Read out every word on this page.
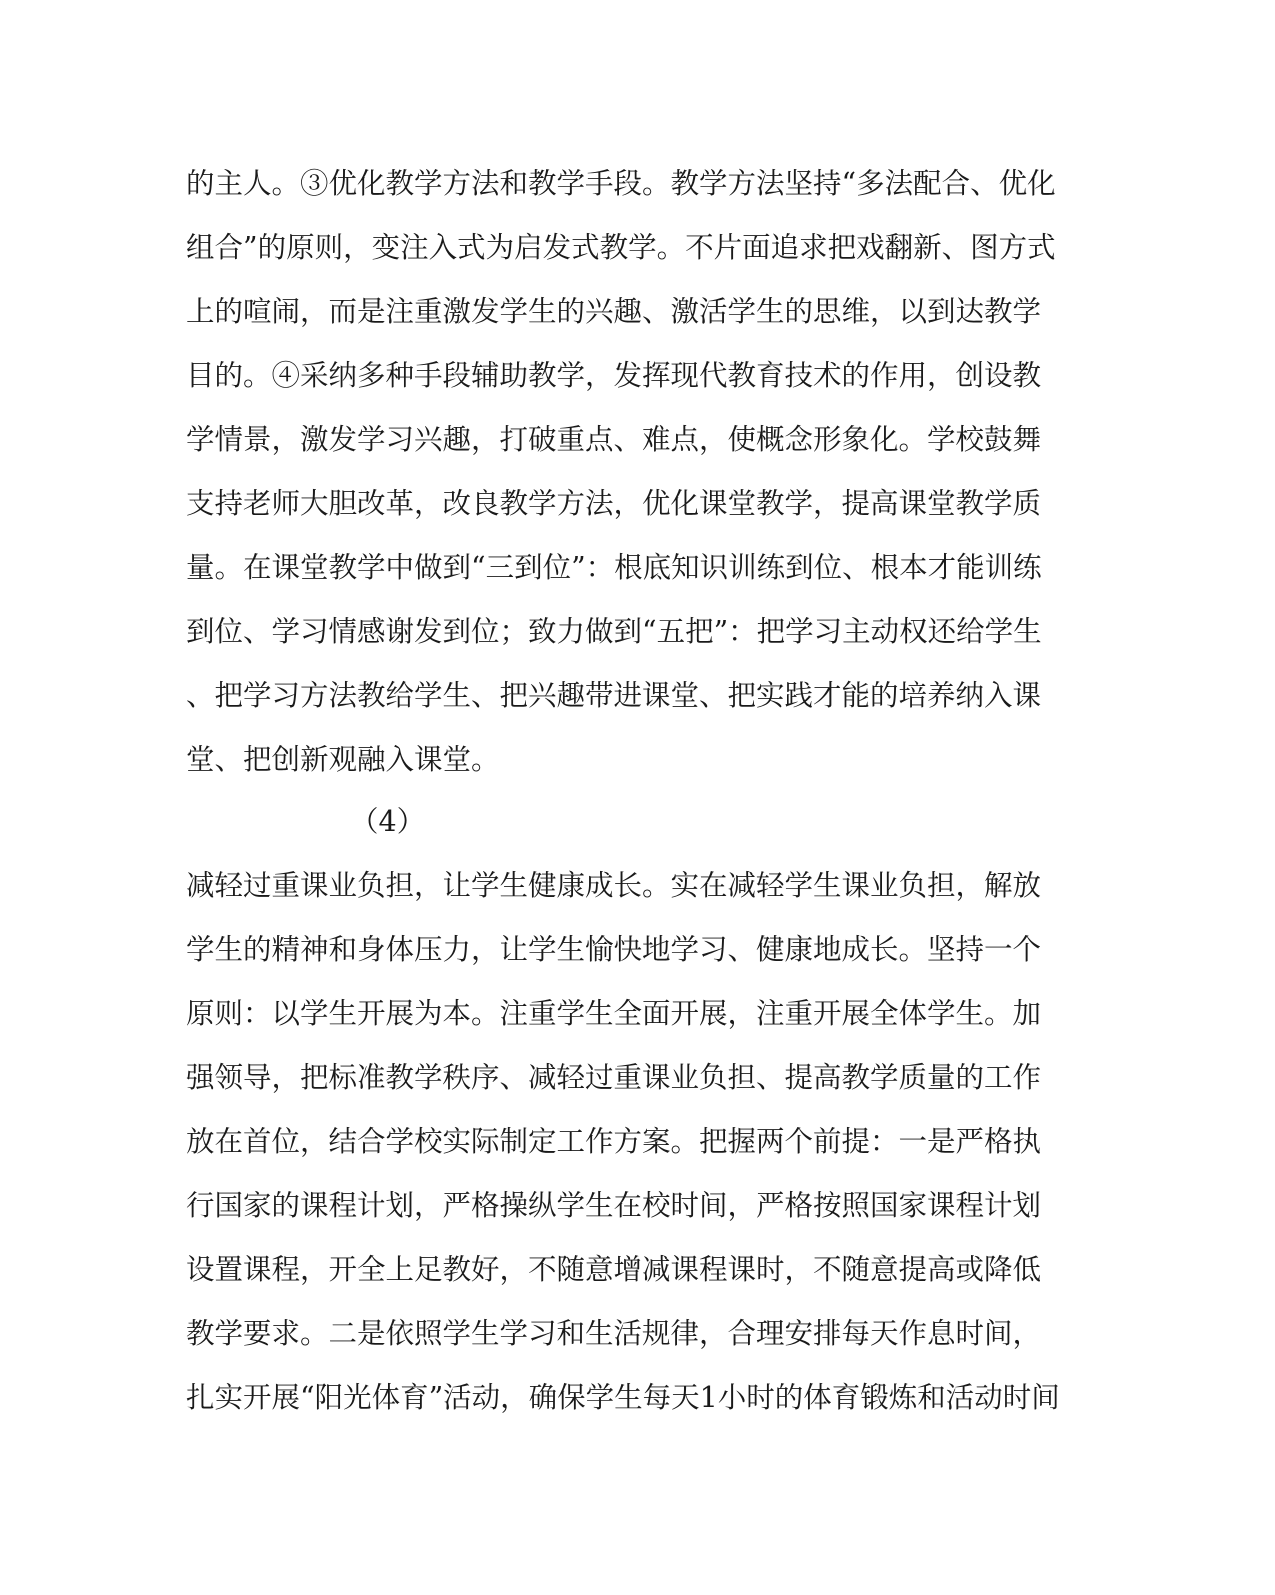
的主人。③优化教学方法和教学手段。教学方法坚持“多法配合、优化
组合”的原则，变注入式为启发式教学。不片面追求把戏翻新、图方式
上的喧闹，而是注重激发学生的兴趣、激活学生的思维，以到达教学
目的。④采纳多种手段辅助教学，发挥现代教育技术的作用，创设教
学情景，激发学习兴趣，打破重点、难点，使概念形象化。学校鼓舞
支持老师大胆改革，改良教学方法，优化课堂教学，提高课堂教学质
量。在课堂教学中做到“三到位”：根底知识训练到位、根本才能训练
到位、学习情感谢发到位；致力做到“五把”：把学习主动权还给学生
、把学习方法教给学生、把兴趣带进课堂、把实践才能的培养纳入课
堂、把创新观融入课堂。
（4）
减轻过重课业负担，让学生健康成长。实在减轻学生课业负担，解放
学生的精神和身体压力，让学生愉快地学习、健康地成长。坚持一个
原则：以学生开展为本。注重学生全面开展，注重开展全体学生。加
强领导，把标准教学秩序、减轻过重课业负担、提高教学质量的工作
放在首位，结合学校实际制定工作方案。把握两个前提：一是严格执
行国家的课程计划，严格操纵学生在校时间，严格按照国家课程计划
设置课程，开全上足教好，不随意增减课程课时，不随意提高或降低
教学要求。二是依照学生学习和生活规律，合理安排每天作息时间，
扎实开展“阳光体育”活动，确保学生每天1小时的体育锻炼和活动时间
